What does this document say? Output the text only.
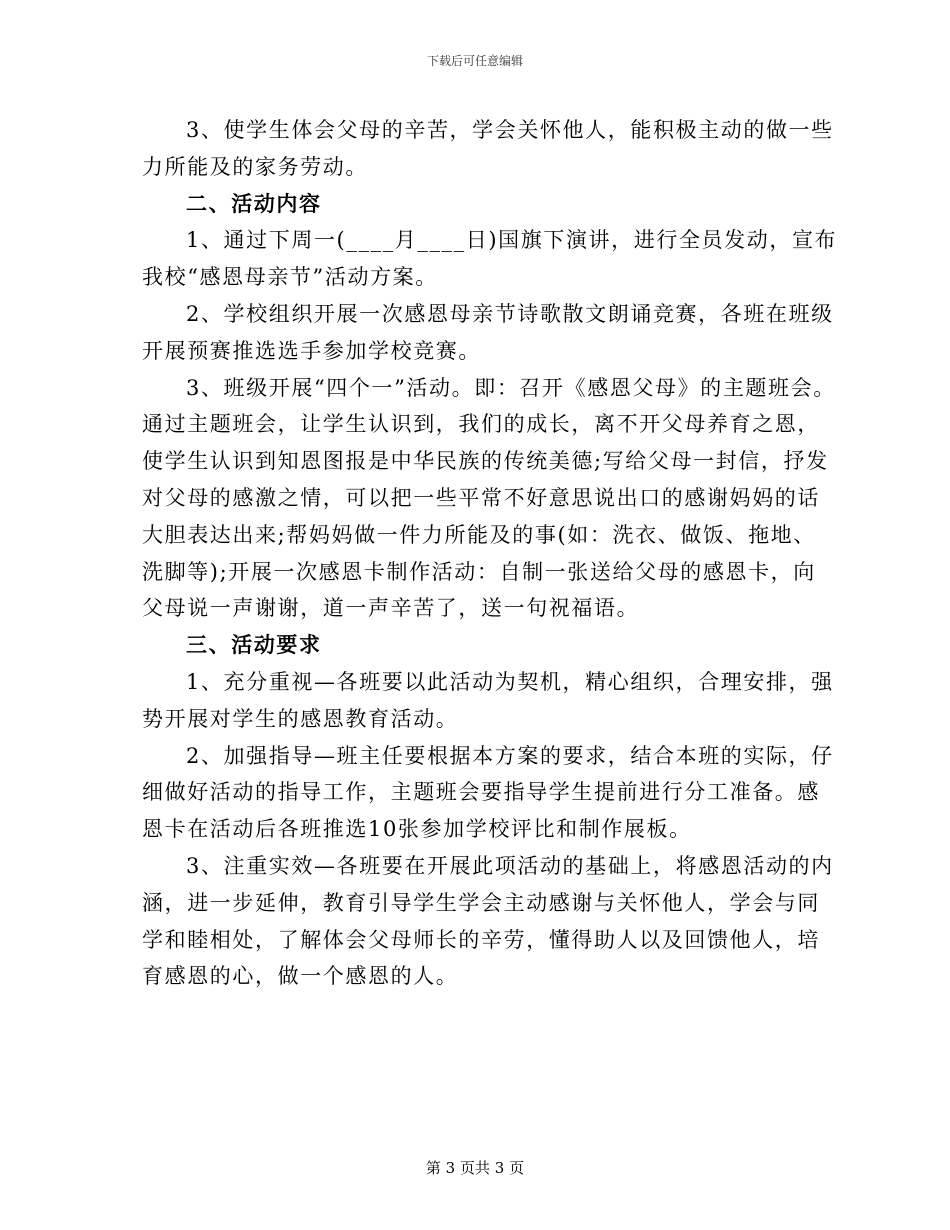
下载后可任意编辑
3、使学生体会父母的辛苦，学会关怀他人，能积极主动的做一些
力所能及的家务劳动。
二、活动内容
1、通过下周一(____月____日)国旗下演讲，进行全员发动，宣布
我校“感恩母亲节”活动方案。
2、学校组织开展一次感恩母亲节诗歌散文朗诵竞赛，各班在班级
开展预赛推选选手参加学校竞赛。
3、班级开展“四个一”活动。即：召开《感恩父母》的主题班会。
通过主题班会，让学生认识到，我们的成长，离不开父母养育之恩，
使学生认识到知恩图报是中华民族的传统美德;写给父母一封信，抒发
对父母的感激之情，可以把一些平常不好意思说出口的感谢妈妈的话
大胆表达出来;帮妈妈做一件力所能及的事(如：洗衣、做饭、拖地、
洗脚等);开展一次感恩卡制作活动：自制一张送给父母的感恩卡，向
父母说一声谢谢，道一声辛苦了，送一句祝福语。
三、活动要求
1、充分重视—各班要以此活动为契机，精心组织，合理安排，强
势开展对学生的感恩教育活动。
2、加强指导—班主任要根据本方案的要求，结合本班的实际，仔
细做好活动的指导工作，主题班会要指导学生提前进行分工准备。感
恩卡在活动后各班推选10张参加学校评比和制作展板。
3、注重实效—各班要在开展此项活动的基础上，将感恩活动的内
涵，进一步延伸，教育引导学生学会主动感谢与关怀他人，学会与同
学和睦相处，了解体会父母师长的辛劳，懂得助人以及回馈他人，培
育感恩的心，做一个感恩的人。
第 3 页共 3 页
